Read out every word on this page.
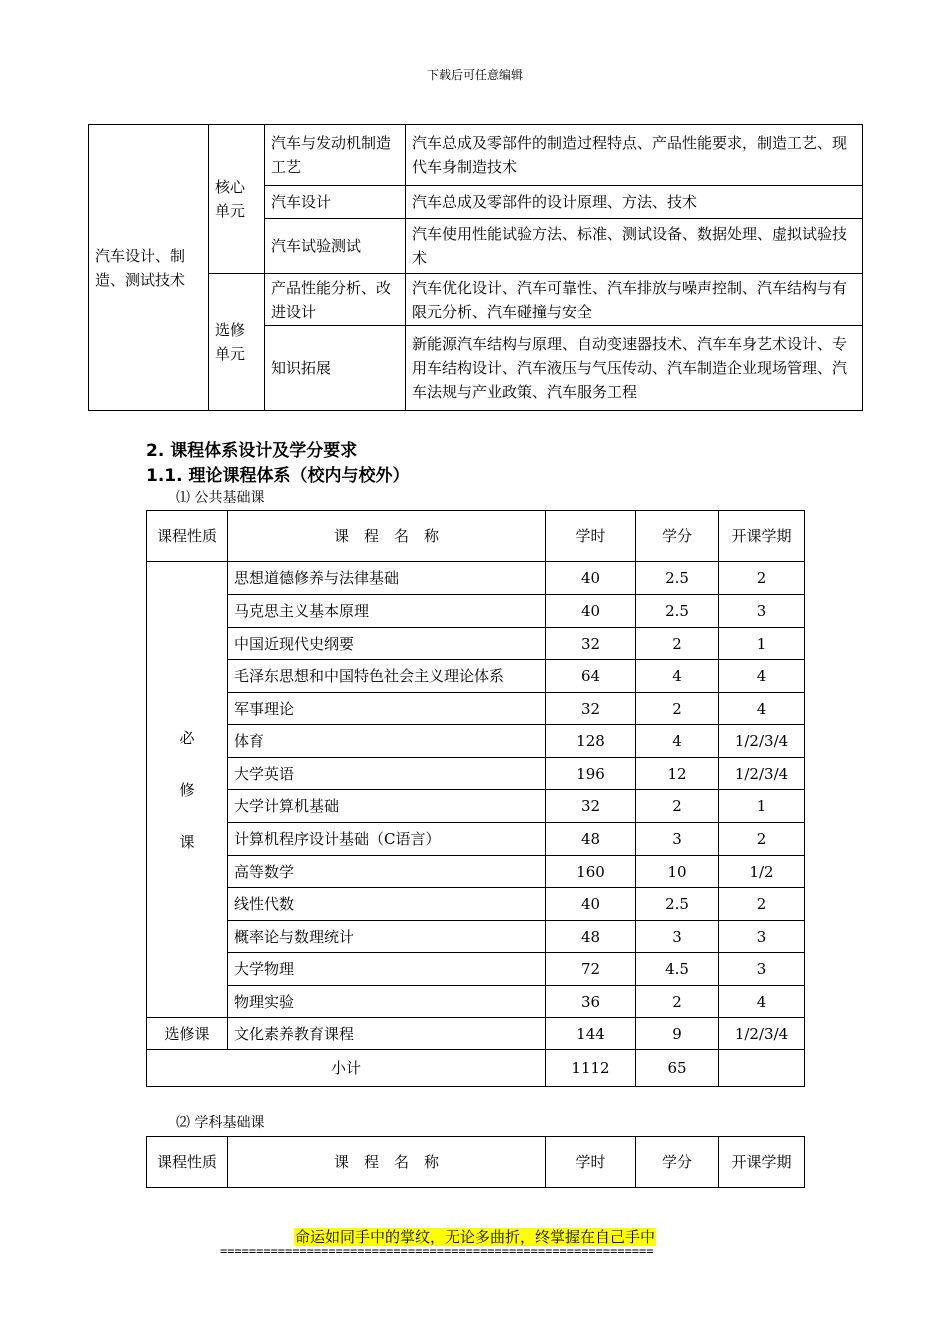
下载后可任意编辑
汽车设计、制造、测试技术	核心单元	汽车与发动机制造工艺	汽车总成及零部件的制造过程特点、产品性能要求，制造工艺、现代车身制造技术
		汽车设计	汽车总成及零部件的设计原理、方法、技术
		汽车试验测试	汽车使用性能试验方法、标准、测试设备、数据处理、虚拟试验技术
	选修单元	产品性能分析、改进设计	汽车优化设计、汽车可靠性、汽车排放与噪声控制、汽车结构与有限元分析、汽车碰撞与安全
		知识拓展	新能源汽车结构与原理、自动变速器技术、汽车车身艺术设计、专用车结构设计、汽车液压与气压传动、汽车制造企业现场管理、汽车法规与产业政策、汽车服务工程
2. 课程体系设计及学分要求
1.1. 理论课程体系（校内与校外）
⑴ 公共基础课
课程性质	课　程　名　称	学时	学分	开课学期

必
修
课	思想道德修养与法律基础	40	2.5	2
	马克思主义基本原理	40	2.5	3
	中国近现代史纲要	32	2	1
	毛泽东思想和中国特色社会主义理论体系	64	4	4
	军事理论	32	2	4
	体育	128	4	1/2/3/4
	大学英语	196	12	1/2/3/4
	大学计算机基础	32	2	1
	计算机程序设计基础（C语言）	48	3	2
	高等数学	160	10	1/2
	线性代数	40	2.5	2
	概率论与数理统计	48	3	3
	大学物理	72	4.5	3
	物理实验	36	2	4
选修课	文化素养教育课程	144	9	1/2/3/4
小计		1112	65	
⑵ 学科基础课
课程性质	课　程　名　称	学时	学分	开课学期
命运如同手中的掌纹，无论多曲折，终掌握在自己手中
============================================================
